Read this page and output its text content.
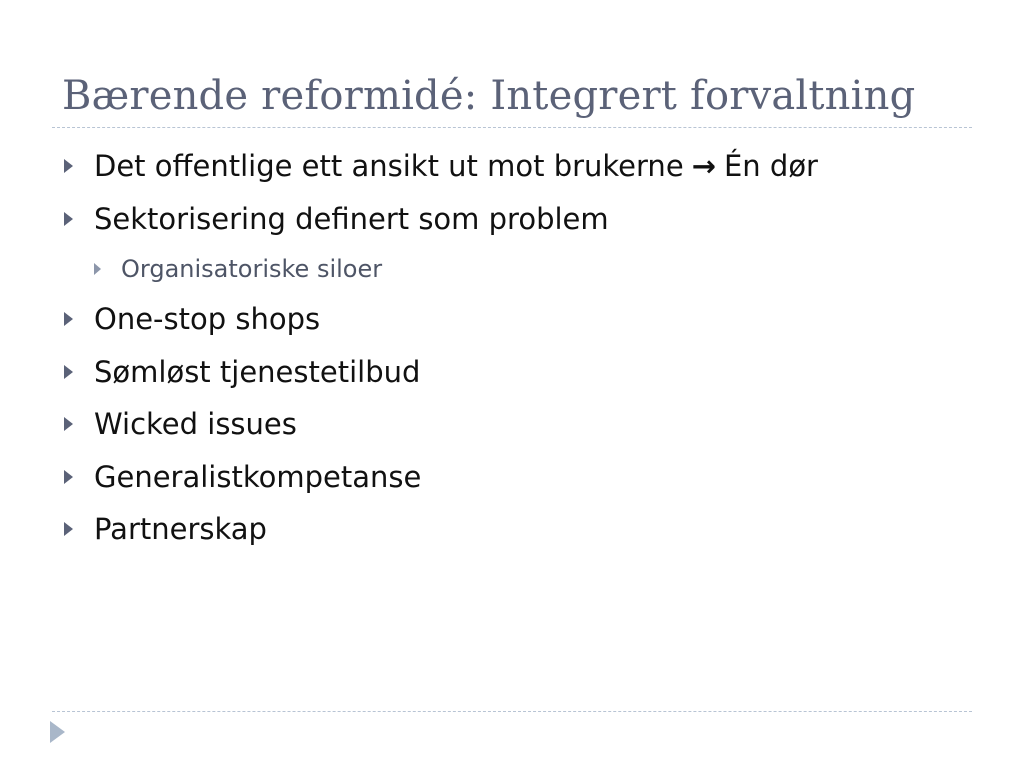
Bærende reformidé: Integrert forvaltning
Det offentlige ett ansikt ut mot brukerne → Én dør
Sektorisering definert som problem
Organisatoriske siloer
One-stop shops
Sømløst tjenestetilbud
Wicked issues
Generalistkompetanse
Partnerskap
